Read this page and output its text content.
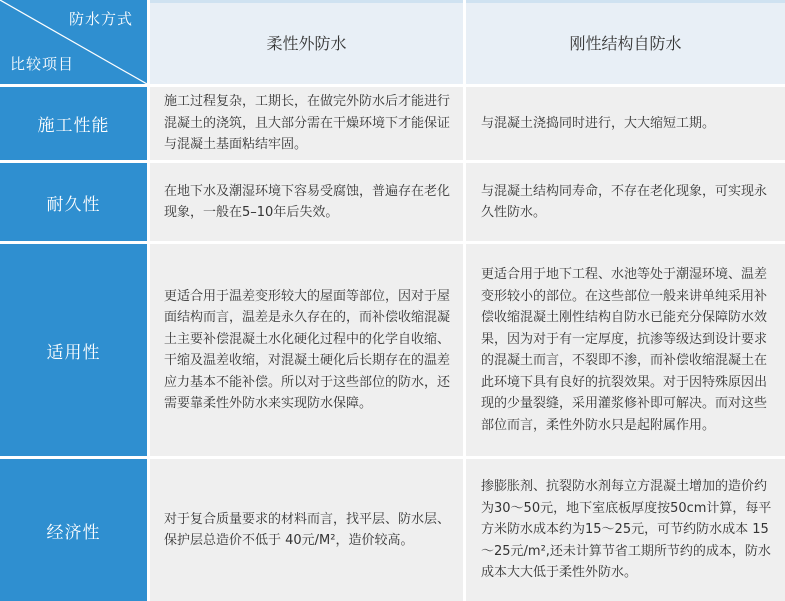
防水方式
比较项目
柔性外防水	刚性结构自防水
施工性能
施工过程复杂，工期长，在做完外防水后才能进行混凝土的浇筑，且大部分需在干燥环境下才能保证与混凝土基面粘结牢固。
与混凝土浇捣同时进行，大大缩短工期。
耐久性
在地下水及潮湿环境下容易受腐蚀，普遍存在老化现象，一般在5–10年后失效。
与混凝土结构同寿命，不存在老化现象，可实现永久性防水。
适用性
更适合用于温差变形较大的屋面等部位，因对于屋面结构而言，温差是永久存在的，而补偿收缩混凝土主要补偿混凝土水化硬化过程中的化学自收缩、干缩及温差收缩，对混凝土硬化后长期存在的温差应力基本不能补偿。所以对于这些部位的防水，还需要靠柔性外防水来实现防水保障。
更适合用于地下工程、水池等处于潮湿环境、温差变形较小的部位。在这些部位一般来讲单纯采用补偿收缩混凝土刚性结构自防水已能充分保障防水效果，因为对于有一定厚度，抗渗等级达到设计要求的混凝土而言，不裂即不渗，而补偿收缩混凝土在此环境下具有良好的抗裂效果。对于因特殊原因出现的少量裂缝，采用灌浆修补即可解决。而对这些部位而言，柔性外防水只是起附属作用。
经济性
对于复合质量要求的材料而言，找平层、防水层、保护层总造价不低于 40元/M²，造价较高。
掺膨胀剂、抗裂防水剂每立方混凝土增加的造价约为30～50元，地下室底板厚度按50cm计算，每平方米防水成本约为15～25元，可节约防水成本 15～25元/m²,还未计算节省工期所节约的成本，防水成本大大低于柔性外防水。
